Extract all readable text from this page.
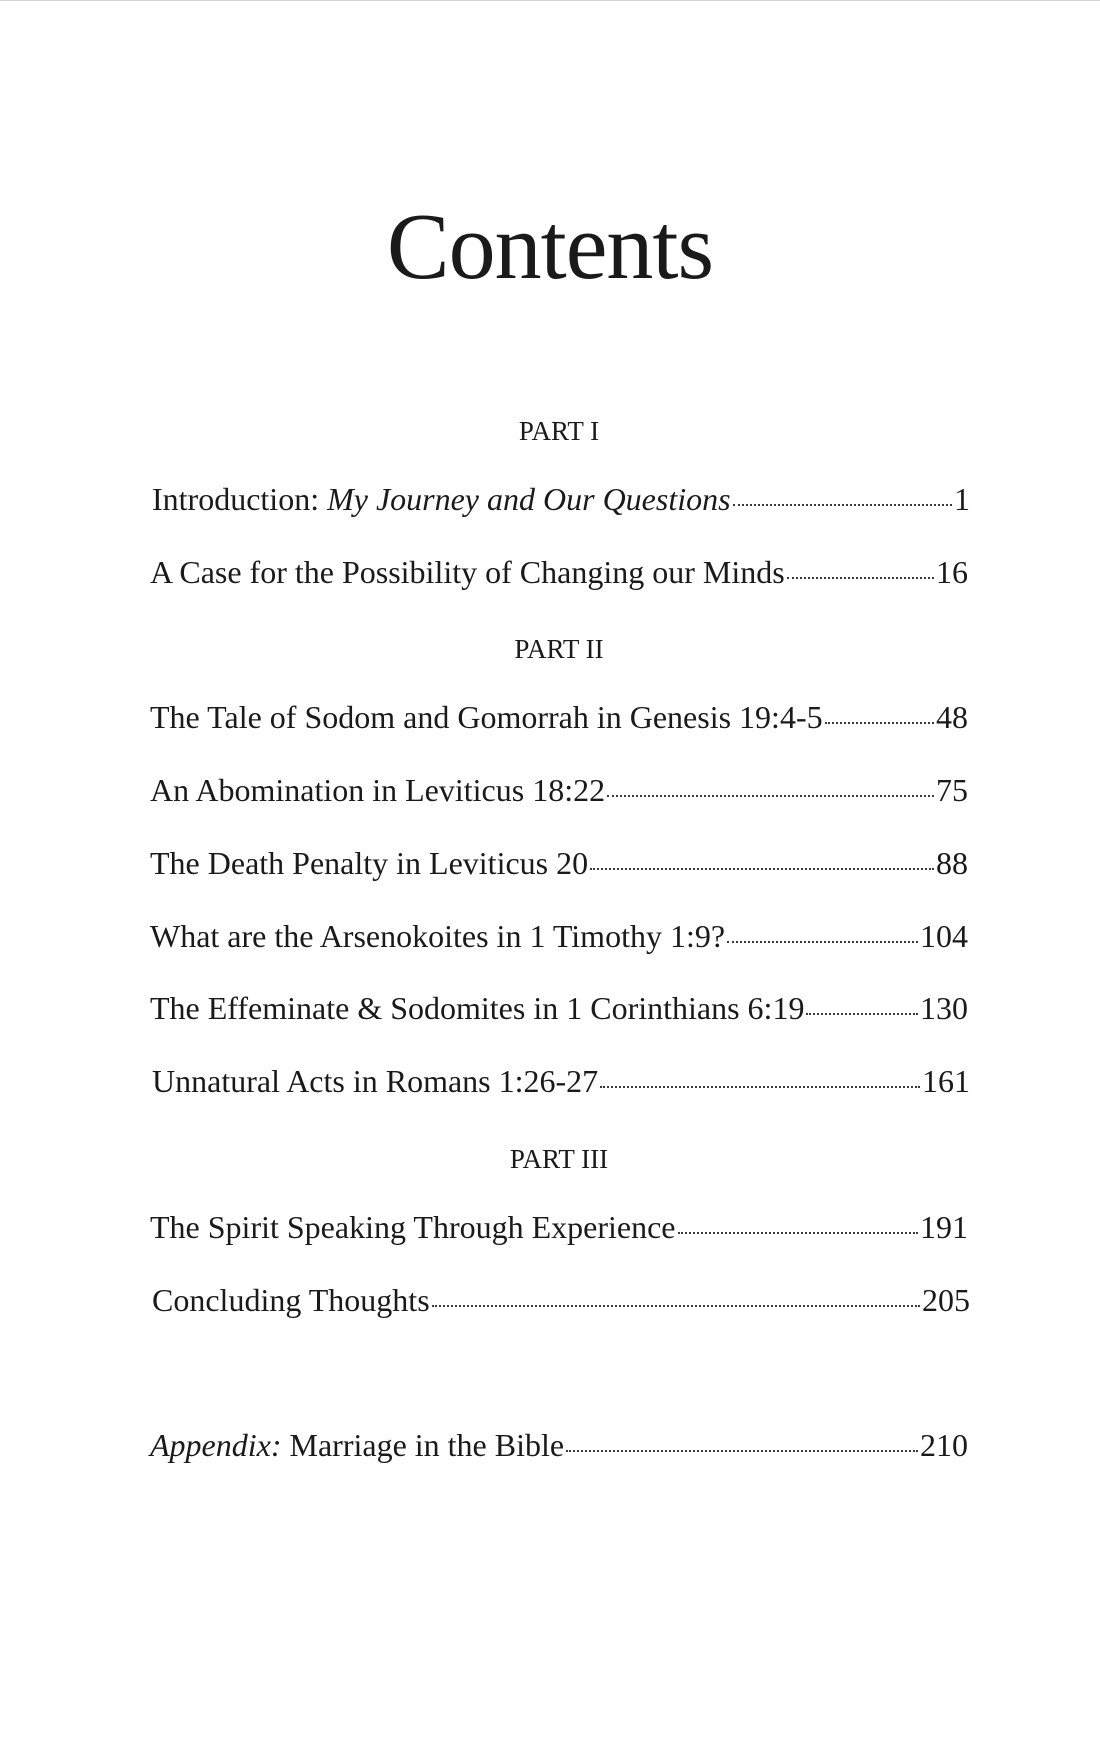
Contents
PART I
Introduction: My Journey and Our Questions	1
A Case for the Possibility of Changing our Minds	16
PART II
The Tale of Sodom and Gomorrah in Genesis 19:4-5	48
An Abomination in Leviticus 18:22	75
The Death Penalty in Leviticus 20	88
What are the Arsenokoites in 1 Timothy 1:9?	104
The Effeminate & Sodomites in 1 Corinthians 6:19	130
Unnatural Acts in Romans 1:26-27	161
PART III
The Spirit Speaking Through Experience	191
Concluding Thoughts	205
Appendix: Marriage in the Bible	210
